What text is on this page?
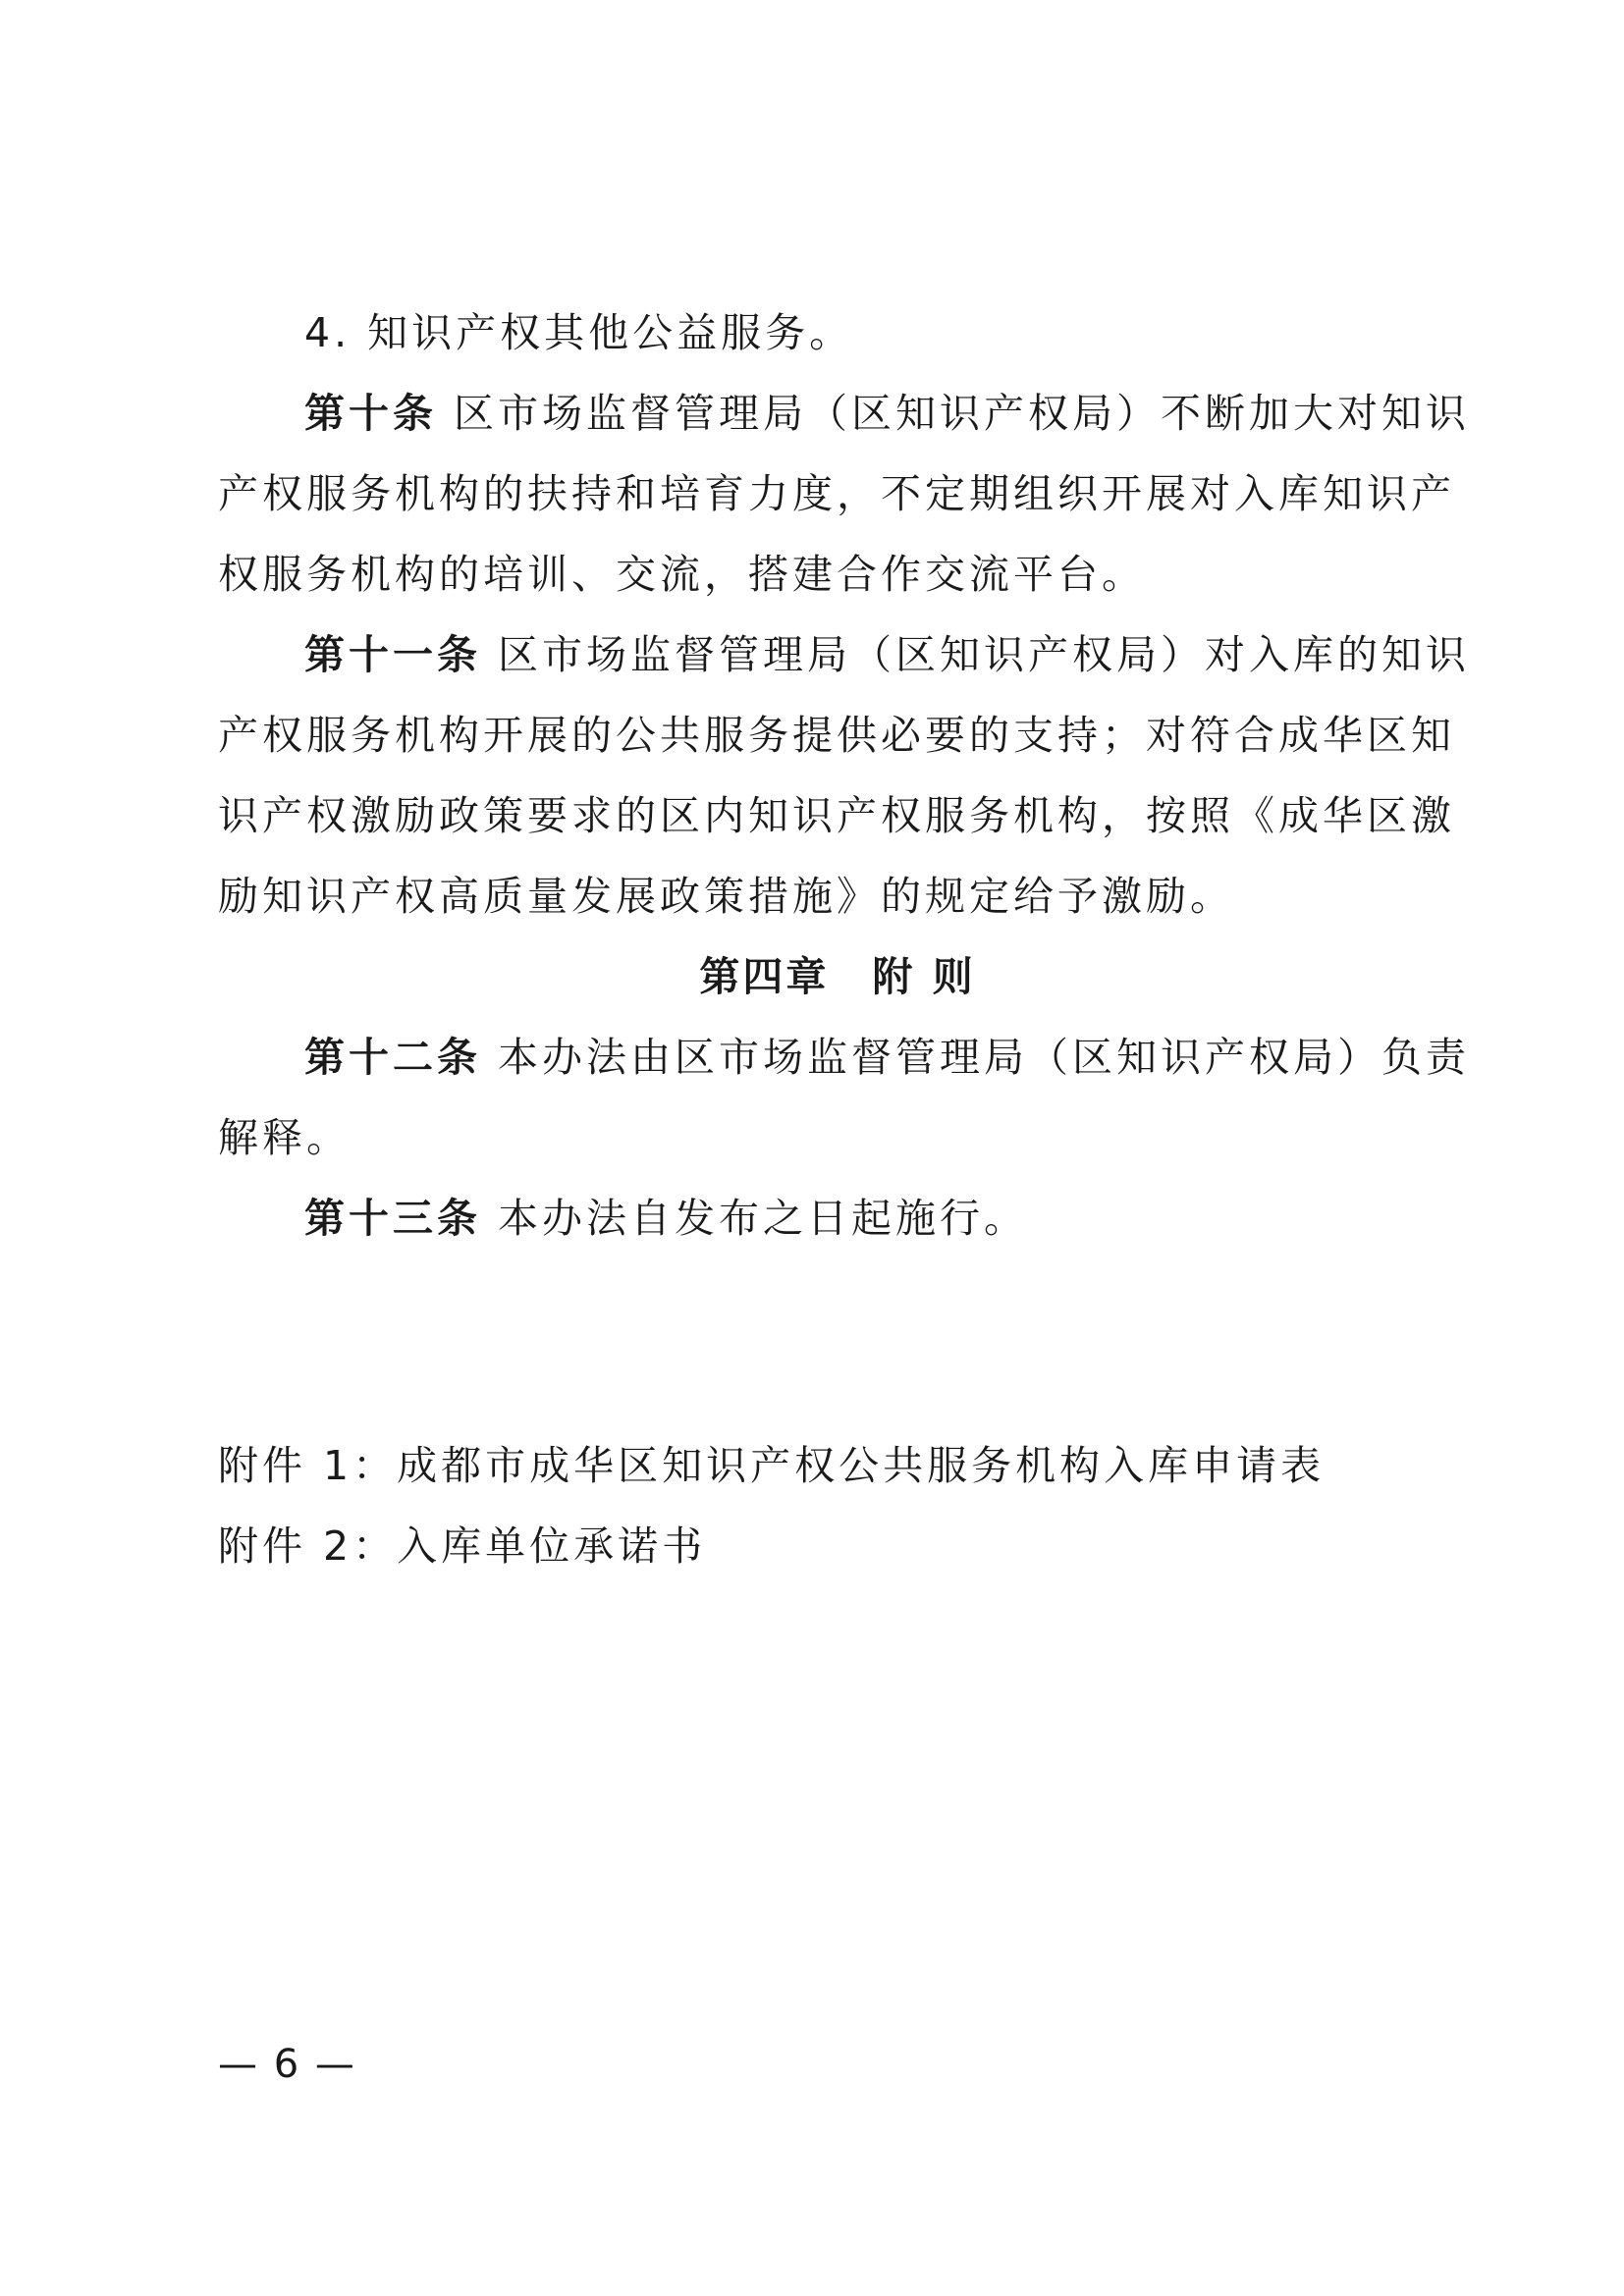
4. 知识产权其他公益服务。
第十条 区市场监督管理局（区知识产权局）不断加大对知识
产权服务机构的扶持和培育力度，不定期组织开展对入库知识产
权服务机构的培训、交流，搭建合作交流平台。
第十一条 区市场监督管理局（区知识产权局）对入库的知识
产权服务机构开展的公共服务提供必要的支持；对符合成华区知
识产权激励政策要求的区内知识产权服务机构，按照《成华区激
励知识产权高质量发展政策措施》的规定给予激励。
第四章　附 则
第十二条 本办法由区市场监督管理局（区知识产权局）负责
解释。
第十三条 本办法自发布之日起施行。
附件 1：成都市成华区知识产权公共服务机构入库申请表
附件 2：入库单位承诺书
— 6 —
